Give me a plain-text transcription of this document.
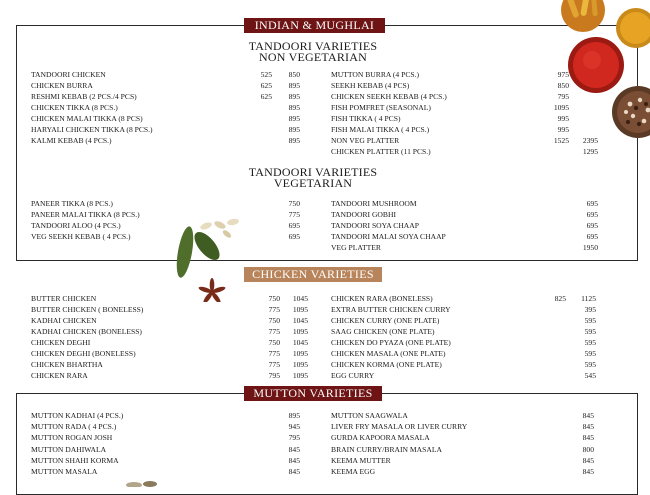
INDIAN & MUGHLAI
TANDOORI VARIETIES
NON VEGETARIAN
TANDOORI VARIETIES
VEGETARIAN
TANDOORI CHICKEN	525	850
CHICKEN BURRA	625	895
RESHMI KEBAB (2 PCS./4 PCS)	625	895
CHICKEN TIKKA (8 PCS.)	895
CHICKEN MALAI TIKKA (8 PCS)	895
HARYALI CHICKEN TIKKA (8 PCS.)	895
KALMI KEBAB (4 PCS.)	895
MUTTON BURRA (4 PCS.)	975
SEEKH KEBAB (4 PCS)	850
CHICKEN SEEKH KEBAB (4 PCS.)	795
FISH POMFRET (SEASONAL)	1095
FISH TIKKA ( 4 PCS)	995
FISH MALAI TIKKA ( 4 PCS.)	995
NON VEG PLATTER	1525	2395
CHICKEN PLATTER (11 PCS.)	1295
PANEER TIKKA (8 PCS.)	750
PANEER MALAI TIKKA (8 PCS.)	775
TANDOORI ALOO (4 PCS.)	695
VEG SEEKH KEBAB ( 4 PCS.)	695
TANDOORI MUSHROOM	695
TANDOORI GOBHI	695
TANDOORI SOYA CHAAP	695
TANDOORI MALAI SOYA CHAAP	695
VEG PLATTER	1950
CHICKEN VARIETIES
BUTTER CHICKEN	750	1045
BUTTER CHICKEN ( BONELESS)	775	1095
KADHAI CHICKEN	750	1045
KADHAI CHICKEN (BONELESS)	775	1095
CHICKEN DEGHI	750	1045
CHICKEN DEGHI (BONELESS)	775	1095
CHICKEN BHARTHA	775	1095
CHICKEN RARA	795	1095
CHICKEN RARA (BONELESS)	825	1125
EXTRA BUTTER CHICKEN CURRY	395
CHICKEN CURRY (ONE PLATE)	595
SAAG CHICKEN (ONE PLATE)	595
CHICKEN DO PYAZA (ONE PLATE)	595
CHICKEN MASALA (ONE PLATE)	595
CHICKEN KORMA (ONE PLATE)	595
EGG CURRY	545
MUTTON VARIETIES
MUTTON KADHAI (4 PCS.)	895
MUTTON RADA ( 4 PCS.)	945
MUTTON ROGAN JOSH	795
MUTTON DAHIWALA	845
MUTTON SHAHI KORMA	845
MUTTON MASALA	845
MUTTON SAAGWALA	845
LIVER FRY MASALA OR LIVER CURRY	845
GURDA KAPOORA MASALA	845
BRAIN CURRY/BRAIN MASALA	800
KEEMA MUTTER	845
KEEMA EGG	845
